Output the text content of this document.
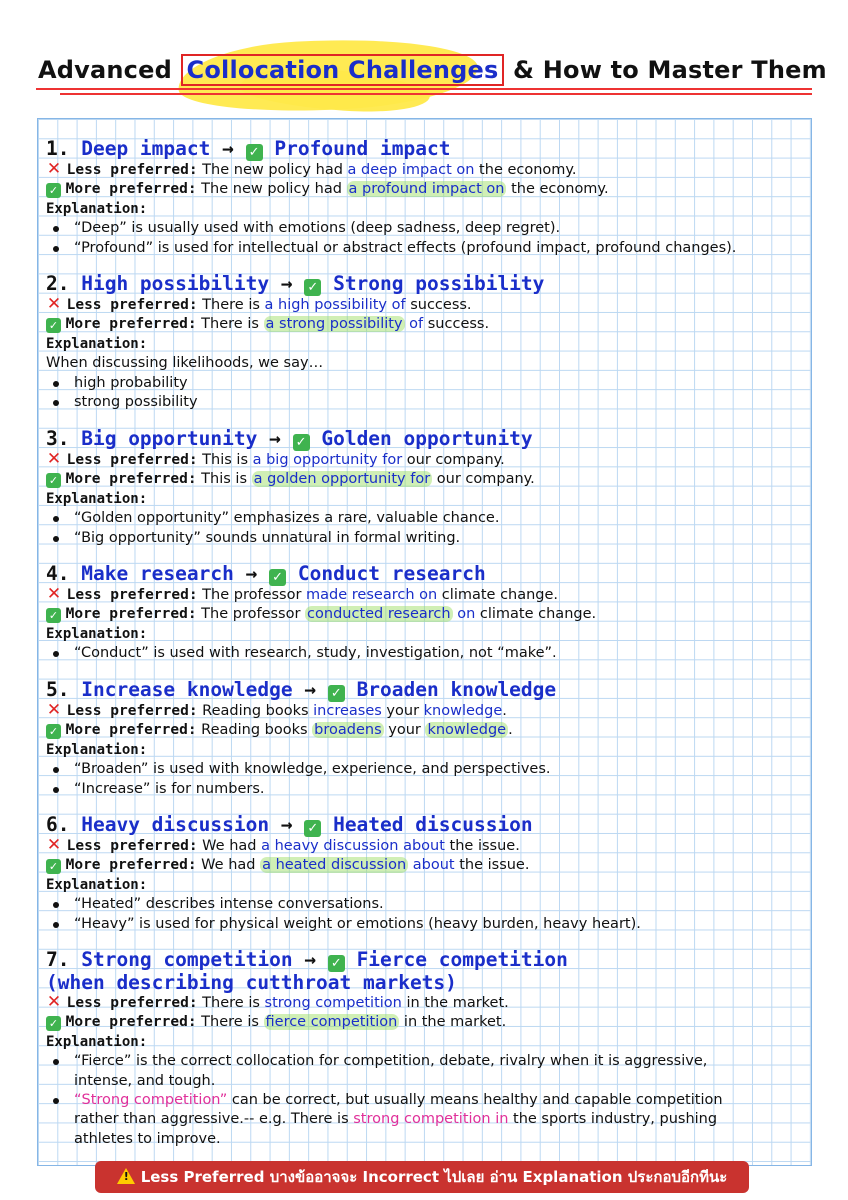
Advanced Collocation Challenges & How to Master Them
1. Deep impact → ✓ Profound impact
✕ Less preferred: The new policy had a deep impact on the economy.
✓ More preferred: The new policy had a profound impact on the economy.
Explanation:
“Deep” is usually used with emotions (deep sadness, deep regret).
“Profound” is used for intellectual or abstract effects (profound impact, profound changes).
2. High possibility → ✓ Strong possibility
✕ Less preferred: There is a high possibility of success.
✓ More preferred: There is a strong possibility of success.
Explanation:
When discussing likelihoods, we say…
high probability
strong possibility
3. Big opportunity → ✓ Golden opportunity
✕ Less preferred: This is a big opportunity for our company.
✓ More preferred: This is a golden opportunity for our company.
Explanation:
“Golden opportunity” emphasizes a rare, valuable chance.
“Big opportunity” sounds unnatural in formal writing.
4. Make research → ✓ Conduct research
✕ Less preferred: The professor made research on climate change.
✓ More preferred: The professor conducted research on climate change.
Explanation:
“Conduct” is used with research, study, investigation, not “make”.
5. Increase knowledge → ✓ Broaden knowledge
✕ Less preferred: Reading books increases your knowledge.
✓ More preferred: Reading books broadens your knowledge .
Explanation:
“Broaden” is used with knowledge, experience, and perspectives.
“Increase” is for numbers.
6. Heavy discussion → ✓ Heated discussion
✕ Less preferred: We had a heavy discussion about the issue.
✓ More preferred: We had a heated discussion about the issue.
Explanation:
“Heated” describes intense conversations.
“Heavy” is used for physical weight or emotions (heavy burden, heavy heart).
7. Strong competition → ✓ Fierce competition
(when describing cutthroat markets)
✕ Less preferred: There is strong competition in the market.
✓ More preferred: There is fierce competition in the market.
Explanation:
“Fierce” is the correct collocation for competition, debate, rivalry when it is aggressive,
intense, and tough.
“Strong competition” can be correct, but usually means healthy and capable competition
rather than aggressive.-- e.g. There is strong competition in the sports industry, pushing
athletes to improve.
! Less Preferred บางข้ออาจจะ Incorrect ไปเลย อ่าน Explanation ประกอบอีกทีนะ
